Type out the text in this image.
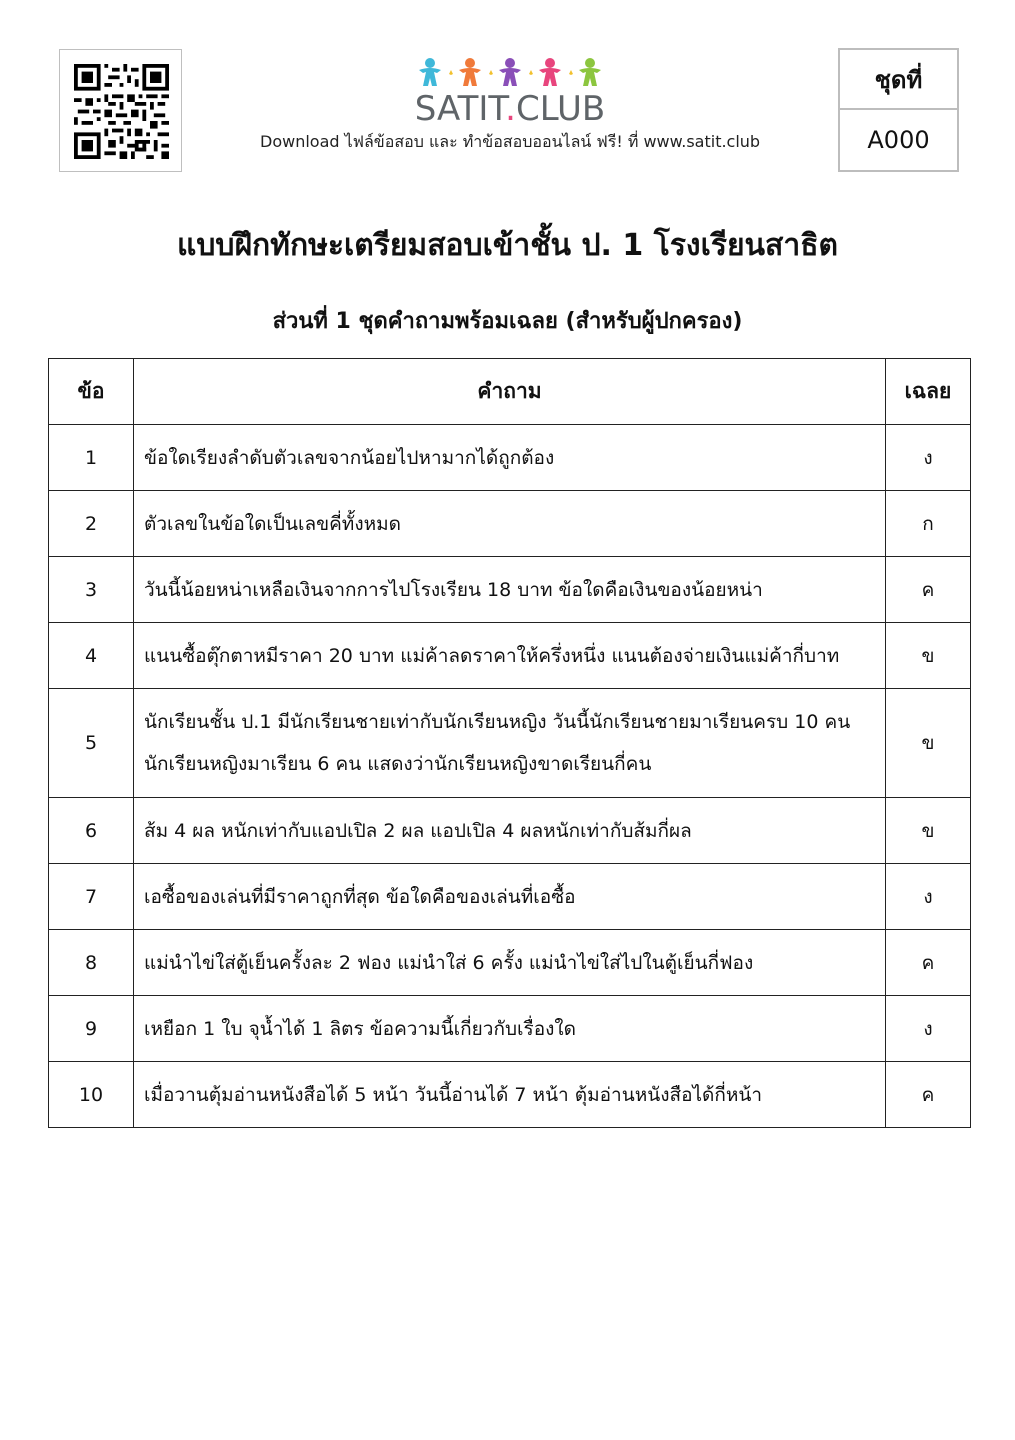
SATIT.CLUB
Download ไฟล์ข้อสอบ และ ทำข้อสอบออนไลน์ ฟรี! ที่ www.satit.club
ชุดที่
A000
แบบฝึกทักษะเตรียมสอบเข้าชั้น ป. 1 โรงเรียนสาธิต
ส่วนที่ 1 ชุดคำถามพร้อมเฉลย (สำหรับผู้ปกครอง)
ข้อ	คำถาม	เฉลย
1	ข้อใดเรียงลำดับตัวเลขจากน้อยไปหามากได้ถูกต้อง	ง
2	ตัวเลขในข้อใดเป็นเลขคี่ทั้งหมด	ก
3	วันนี้น้อยหน่าเหลือเงินจากการไปโรงเรียน 18 บาท ข้อใดคือเงินของน้อยหน่า	ค
4	แนนซื้อตุ๊กตาหมีราคา 20 บาท แม่ค้าลดราคาให้ครึ่งหนึ่ง แนนต้องจ่ายเงินแม่ค้ากี่บาท	ข
5	นักเรียนชั้น ป.1 มีนักเรียนชายเท่ากับนักเรียนหญิง วันนี้นักเรียนชายมาเรียนครบ 10 คน นักเรียนหญิงมาเรียน 6 คน แสดงว่านักเรียนหญิงขาดเรียนกี่คน	ข
6	ส้ม 4 ผล หนักเท่ากับแอปเปิล 2 ผล แอปเปิล 4 ผลหนักเท่ากับส้มกี่ผล	ข
7	เอซื้อของเล่นที่มีราคาถูกที่สุด ข้อใดคือของเล่นที่เอซื้อ	ง
8	แม่นำไข่ใส่ตู้เย็นครั้งละ 2 ฟอง แม่นำใส่ 6 ครั้ง แม่นำไข่ใส่ไปในตู้เย็นกี่ฟอง	ค
9	เหยือก 1 ใบ จุน้ำได้ 1 ลิตร ข้อความนี้เกี่ยวกับเรื่องใด	ง
10	เมื่อวานตุ้มอ่านหนังสือได้ 5 หน้า วันนี้อ่านได้ 7 หน้า ตุ้มอ่านหนังสือได้กี่หน้า	ค
